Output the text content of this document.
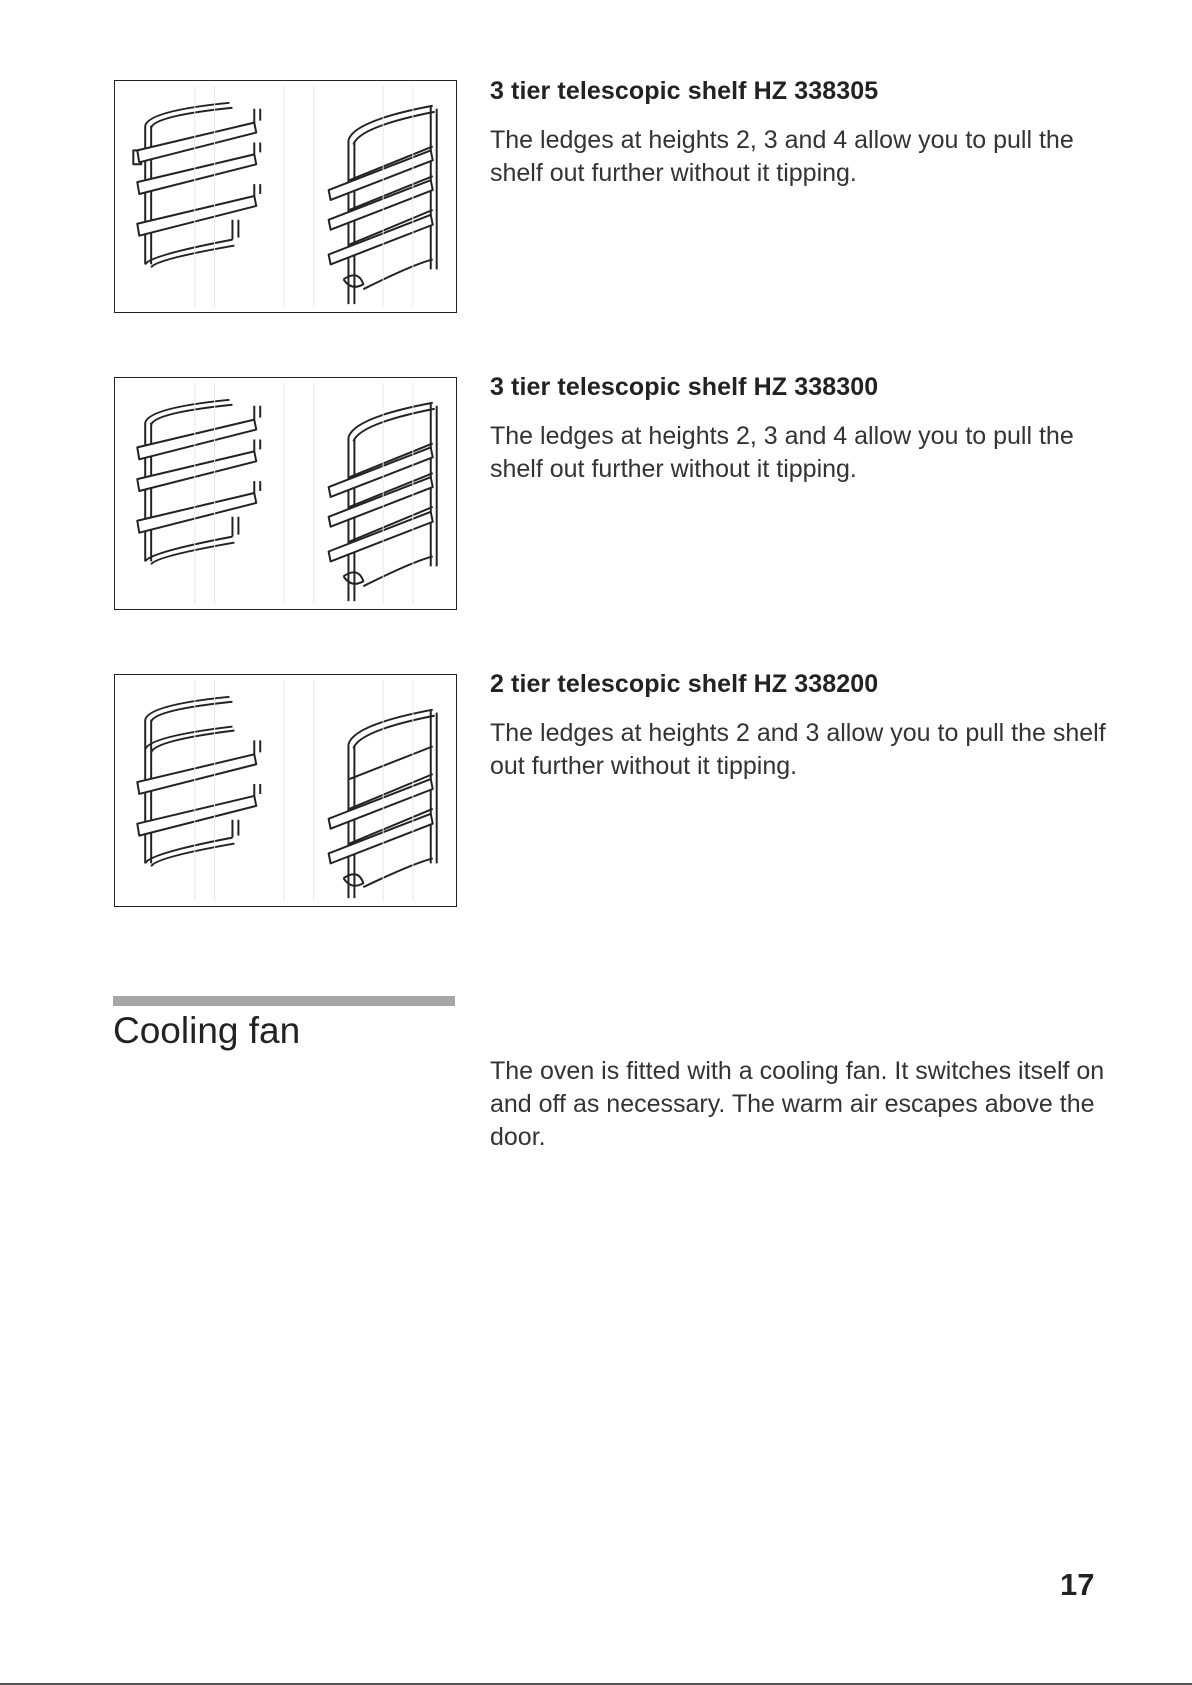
3 tier telescopic shelf HZ 338305

The ledges at heights 2, 3 and 4 allow you to pull the shelf out further without it tipping.

3 tier telescopic shelf HZ 338300

The ledges at heights 2, 3 and 4 allow you to pull the shelf out further without it tipping.

2 tier telescopic shelf HZ 338200

The ledges at heights 2 and 3 allow you to pull the shelf out further without it tipping.

Cooling fan

The oven is fitted with a cooling fan. It switches itself on and off as necessary. The warm air escapes above the door.

17
